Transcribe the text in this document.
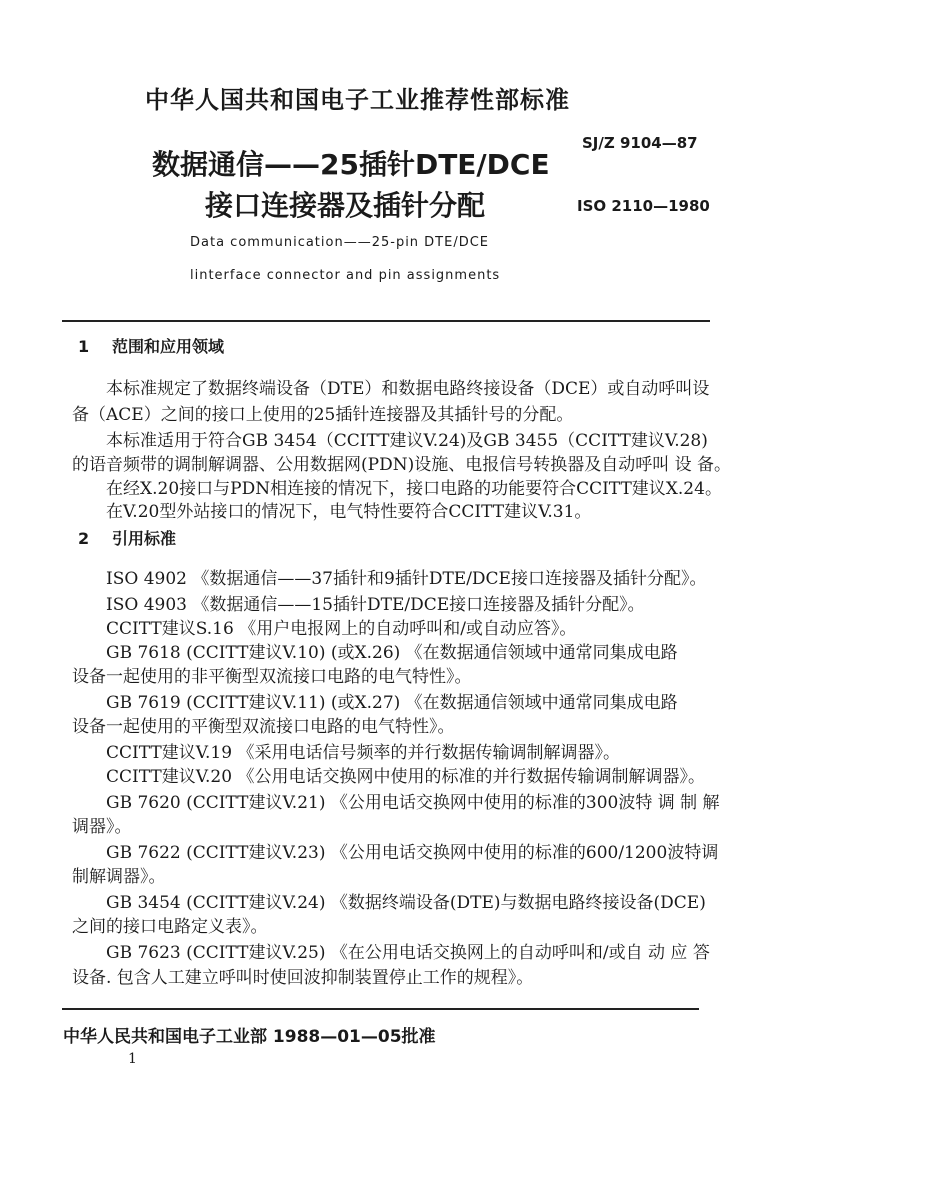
中华人国共和国电子工业推荐性部标准
数据通信——25插针DTE/DCE
接口连接器及插针分配
SJ/Z 9104—87
ISO 2110—1980
Data communication——25-pin DTE/DCE
linterface connector and pin assignments
1 范围和应用领域
本标准规定了数据终端设备（DTE）和数据电路终接设备（DCE）或自动呼叫设
备（ACE）之间的接口上使用的25插针连接器及其插针号的分配。
本标准适用于符合GB 3454（CCITT建议V.24)及GB 3455（CCITT建议V.28)
的语音频带的调制解调器、公用数据网(PDN)设施、电报信号转换器及自动呼叫 设 备。
在经X.20接口与PDN相连接的情况下，接口电路的功能要符合CCITT建议X.24。
在V.20型外站接口的情况下，电气特性要符合CCITT建议V.31。
2 引用标准
ISO 4902 《数据通信——37插针和9插针DTE/DCE接口连接器及插针分配》。
ISO 4903 《数据通信——15插针DTE/DCE接口连接器及插针分配》。
CCITT建议S.16 《用户电报网上的自动呼叫和/或自动应答》。
GB 7618 (CCITT建议V.10) (或X.26) 《在数据通信领域中通常同集成电路
设备一起使用的非平衡型双流接口电路的电气特性》。
GB 7619 (CCITT建议V.11) (或X.27) 《在数据通信领域中通常同集成电路
设备一起使用的平衡型双流接口电路的电气特性》。
CCITT建议V.19 《采用电话信号频率的并行数据传输调制解调器》。
CCITT建议V.20 《公用电话交换网中使用的标准的并行数据传输调制解调器》。
GB 7620 (CCITT建议V.21) 《公用电话交换网中使用的标准的300波特 调 制 解
调器》。
GB 7622 (CCITT建议V.23) 《公用电话交换网中使用的标准的600/1200波特调
制解调器》。
GB 3454 (CCITT建议V.24) 《数据终端设备(DTE)与数据电路终接设备(DCE)
之间的接口电路定义表》。
GB 7623 (CCITT建议V.25) 《在公用电话交换网上的自动呼叫和/或自 动 应 答
设备. 包含人工建立呼叫时使回波抑制装置停止工作的规程》。
中华人民共和国电子工业部 1988—01—05批准
1
